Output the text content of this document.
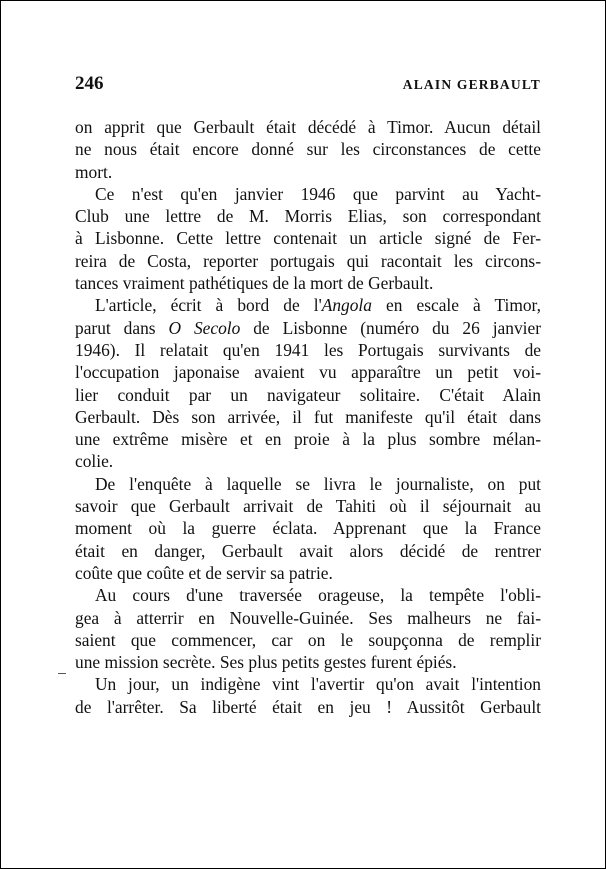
246	ALAIN GERBAULT
on apprit que Gerbault était décédé à Timor. Aucun détail
ne nous était encore donné sur les circonstances de cette
mort.
Ce n'est qu'en janvier 1946 que parvint au Yacht-
Club une lettre de M. Morris Elias, son correspondant
à Lisbonne. Cette lettre contenait un article signé de Fer-
reira de Costa, reporter portugais qui racontait les circons-
tances vraiment pathétiques de la mort de Gerbault.
L'article, écrit à bord de l'Angola en escale à Timor,
parut dans O Secolo de Lisbonne (numéro du 26 janvier
1946). Il relatait qu'en 1941 les Portugais survivants de
l'occupation japonaise avaient vu apparaître un petit voi-
lier conduit par un navigateur solitaire. C'était Alain
Gerbault. Dès son arrivée, il fut manifeste qu'il était dans
une extrême misère et en proie à la plus sombre mélan-
colie.
De l'enquête à laquelle se livra le journaliste, on put
savoir que Gerbault arrivait de Tahiti où il séjournait au
moment où la guerre éclata. Apprenant que la France
était en danger, Gerbault avait alors décidé de rentrer
coûte que coûte et de servir sa patrie.
Au cours d'une traversée orageuse, la tempête l'obli-
gea à atterrir en Nouvelle-Guinée. Ses malheurs ne fai-
saient que commencer, car on le soupçonna de remplir
une mission secrète. Ses plus petits gestes furent épiés.
Un jour, un indigène vint l'avertir qu'on avait l'intention
de l'arrêter. Sa liberté était en jeu ! Aussitôt Gerbault
